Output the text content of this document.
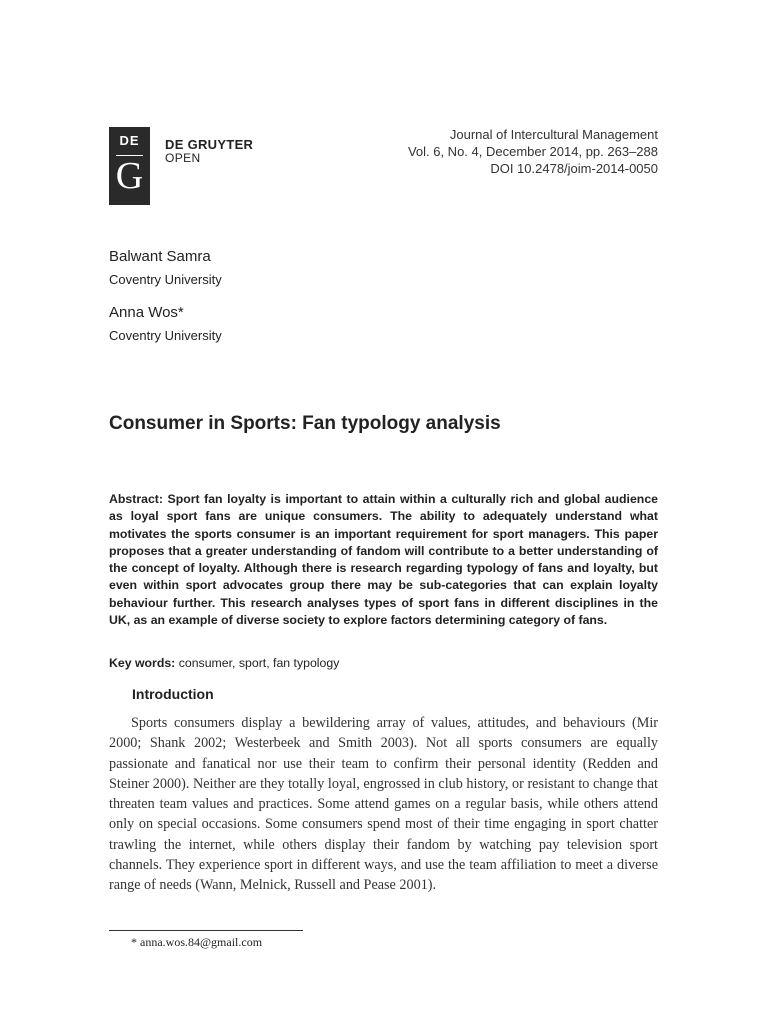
DE
G
DE GRUYTER
OPEN
Journal of Intercultural Management
Vol. 6, No. 4, December 2014, pp. 263–288
DOI 10.2478/joim-2014-0050
Balwant Samra
Coventry University
Anna Wos*
Coventry University
Consumer in Sports: Fan typology analysis
Abstract: Sport fan loyalty is important to attain within a culturally rich and global audience as loyal sport fans are unique consumers. The ability to adequately understand what motivates the sports consumer is an important requirement for sport managers. This paper proposes that a greater understanding of fandom will contribute to a better understanding of the concept of loyalty. Although there is research regarding typology of fans and loyalty, but even within sport advocates group there may be sub-categories that can explain loyalty behaviour further. This research analyses types of sport fans in different disciplines in the UK, as an example of diverse society to explore factors determining category of fans.
Key words: consumer, sport, fan typology
Introduction
Sports consumers display a bewildering array of values, attitudes, and behaviours (Mir 2000; Shank 2002; Westerbeek and Smith 2003). Not all sports consumers are equally passionate and fanatical nor use their team to confirm their personal identity (Redden and Steiner 2000). Neither are they totally loyal, engrossed in club history, or resistant to change that threaten team values and practices. Some attend games on a regular basis, while others attend only on special occasions. Some consumers spend most of their time engaging in sport chatter trawling the internet, while others display their fandom by watching pay television sport channels. They experience sport in different ways, and use the team affiliation to meet a diverse range of needs (Wann, Melnick, Russell and Pease 2001).
* anna.wos.84@gmail.com
